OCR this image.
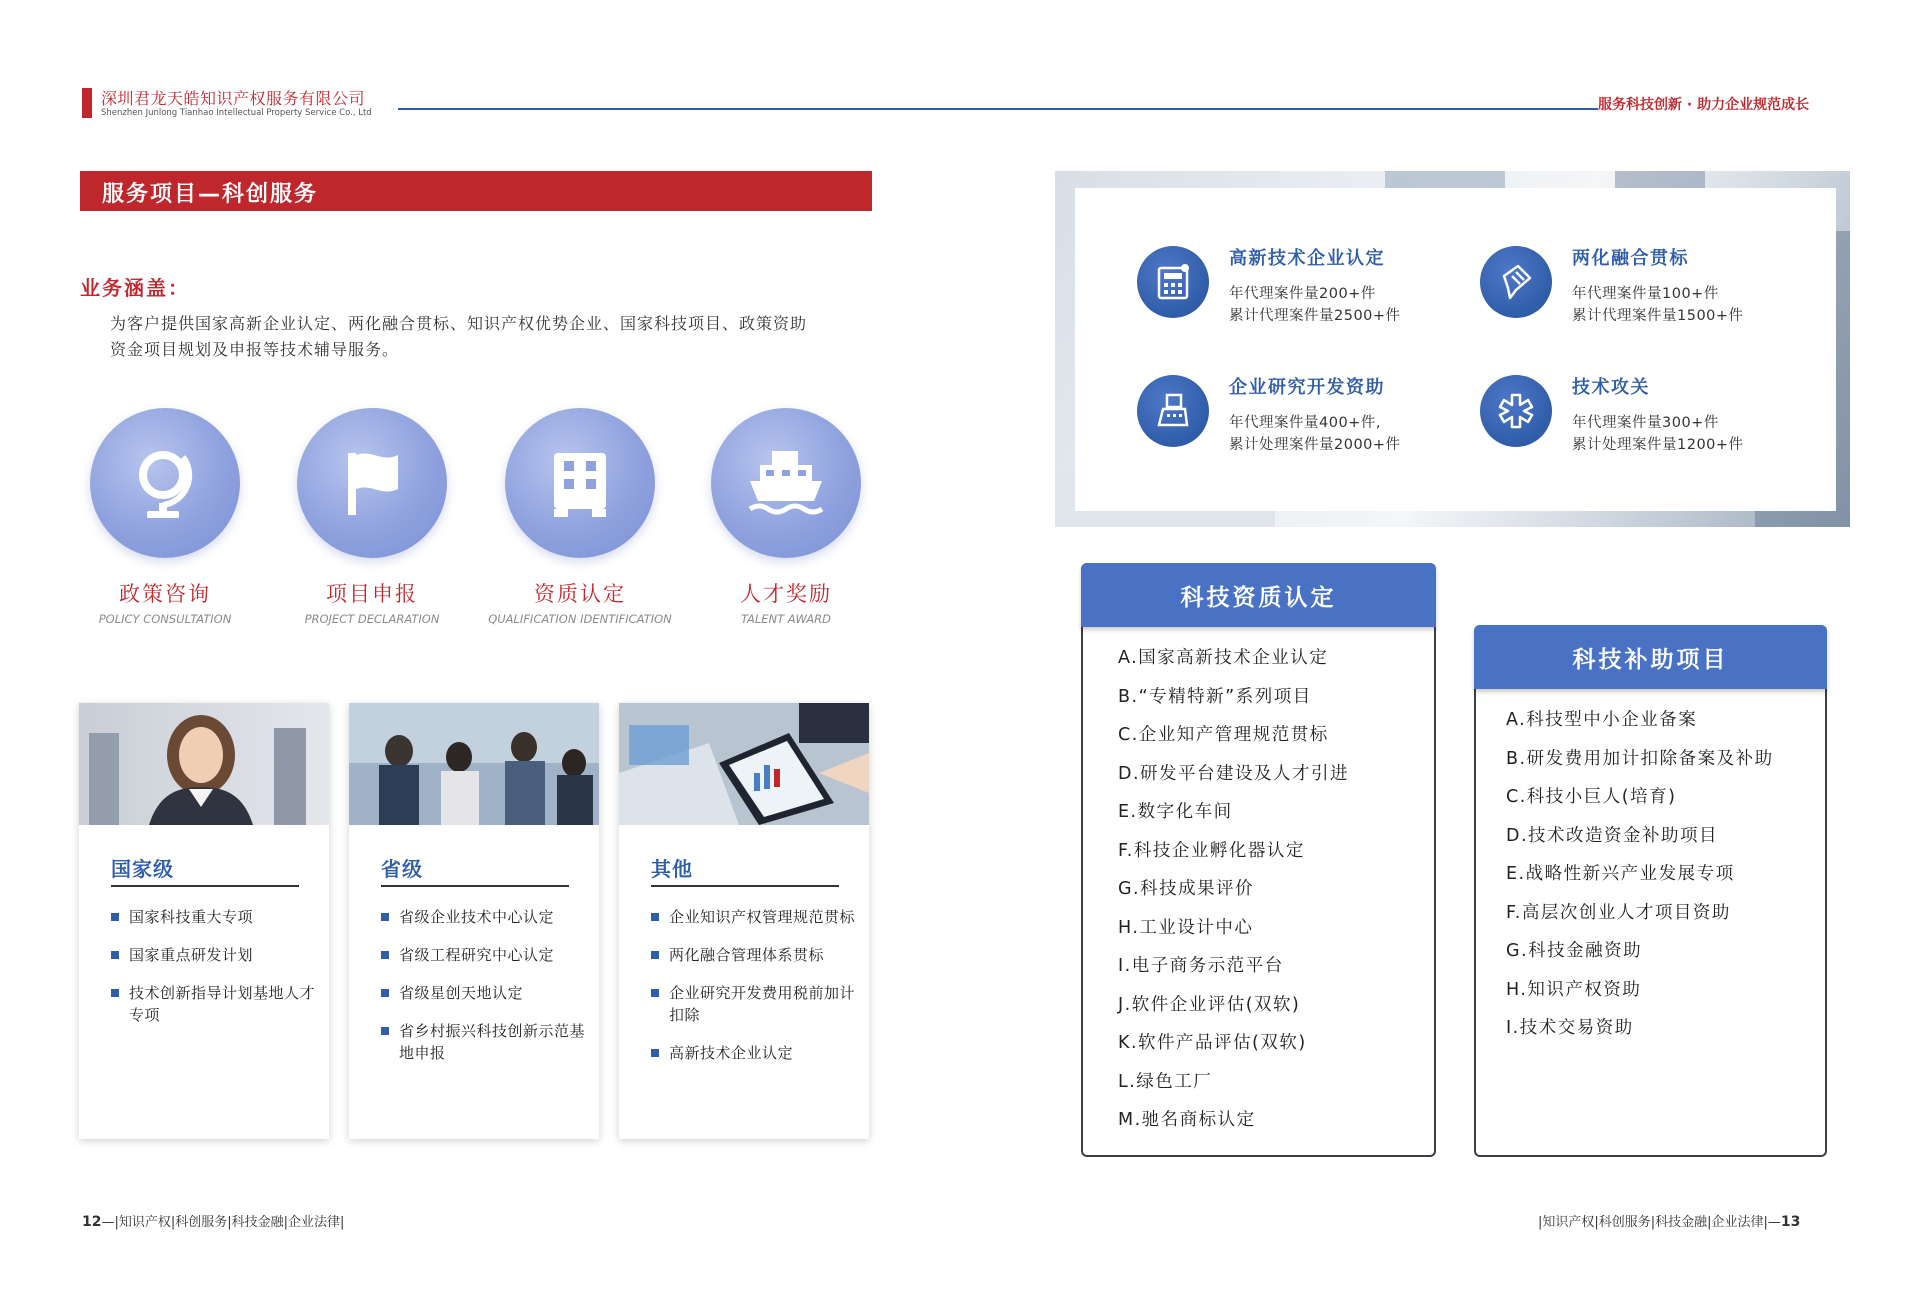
深圳君龙天皓知识产权服务有限公司
Shenzhen Junlong Tianhao Intellectual Property Service Co., Ltd	服务科技创新 · 助力企业规范成长
服务项目—科创服务
业务涵盖：
为客户提供国家高新企业认定、两化融合贯标、知识产权优势企业、国家科技项目、政策资助资金项目规划及申报等技术辅导服务。
政策咨询
POLICY CONSULTATION
项目申报
PROJECT DECLARATION
资质认定
QUALIFICATION IDENTIFICATION
人才奖励
TALENT AWARD
国家级
国家科技重大专项
国家重点研发计划
技术创新指导计划基地人才专项
省级
省级企业技术中心认定
省级工程研究中心认定
省级星创天地认定
省乡村振兴科技创新示范基地申报
其他
企业知识产权管理规范贯标
两化融合管理体系贯标
企业研究开发费用税前加计扣除
高新技术企业认定
高新技术企业认定
年代理案件量200+件
累计代理案件量2500+件
两化融合贯标
年代理案件量100+件
累计代理案件量1500+件
企业研究开发资助
年代理案件量400+件,
累计处理案件量2000+件
技术攻关
年代理案件量300+件
累计处理案件量1200+件
科技资质认定
A.国家高新技术企业认定
B.“专精特新”系列项目
C.企业知产管理规范贯标
D.研发平台建设及人才引进
E.数字化车间
F.科技企业孵化器认定
G.科技成果评价
H.工业设计中心
I.电子商务示范平台
J.软件企业评估(双软)
K.软件产品评估(双软)
L.绿色工厂
M.驰名商标认定
科技补助项目
A.科技型中小企业备案
B.研发费用加计扣除备案及补助
C.科技小巨人(培育)
D.技术改造资金补助项目
E.战略性新兴产业发展专项
F.高层次创业人才项目资助
G.科技金融资助
H.知识产权资助
I.技术交易资助
12—|知识产权|科创服务|科技金融|企业法律|	|知识产权|科创服务|科技金融|企业法律|—13
